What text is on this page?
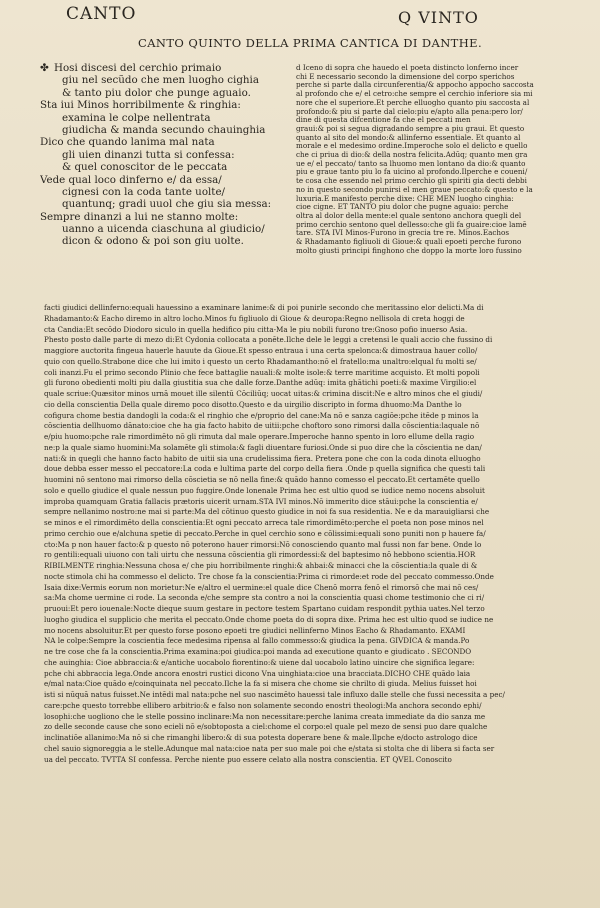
CANTO	Q VINTO
CANTO QUINTO DELLA PRIMA CANTICA DI DANTHE.
✤ Hosi discesi del cerchio primaio
giu nel secũdo che men luogho cighia
& tanto piu dolor che punge aguaio.
Sta iui Minos horribilmente & ringhia:
examina le colpe nellentrata
giudicha & manda secundo chauinghia
Dico che quando lanima mal nata
gli uien dinanzi tutta si confessa:
& quel conoscitor de le peccata
Vede qual loco dinferno e/ da essa/
cignesi con la coda tante uolte/
quantunq; gradi uuol che giu sia messa:
Sempre dinanzi a lui ne stanno molte:
uanno a uicenda ciaschuna al giudicio/
dicon & odono & poi son giu uolte.
d Iceno di sopra che hauedo el poeta distincto lonferno incer
chi E necessario secondo la dimensione del corpo sperichos
perche si parte dalla circunferentia/& appocho appocho saccosta
al profondo che e/ el cetro:che sempre el cerchio inferiore sia mi
nore che el superiore.Et perche elluogho quanto piu saccosta al
profondo:& piu si parte dal cielo:piu e/apto alla pena:pero lor/
dine di questa difcentione fa che el peccati men
graui:& poi si segua digradando sempre a piu graui. Et questo
quanto al sito del mondo:& allinferno essentiale. Et quanto al
morale e el medesimo ordine.Imperoche solo el delicto e quello
che ci priua di dio:& della nostra felicita.Adūq; quanto men gra
ue e/ el peccato/ tanto sa lhuomo men lontano da dio:& quanto
piu e graue tanto piu lo fa uicino al profondo.Ilperche e coueni/
te cosa che essendo nel primo cerchio gli spiriti gia decti debbi
no in questo secondo punirsi el men graue peccato:& questo e la
luxuria.E manifesto perche dixe: CHE MEN luogho cinghia:
cioe cigne. ET TANTO piu dolor che pugne aguaio: perche
oltra al dolor della mente:el quale sentono anchora quegli del
primo cerchio sentono quel dellesso:che gli fa guaire:cioe lamē
tare. STA IVI Minos-Furono in grecia tre re. Minos.Eachos
& Rhadamanto figliuoli di Gioue:& quali epoeti perche furono
molto giusti principi finghono che doppo la morte loro fussino
facti giudici dellinferno:equali hauessino a examinare lanime:& di poi punirle secondo che meritassino elor delicti.Ma di
Rhadamanto:& Eacho diremo in altro locho.Minos fu figliuolo di Gioue & deuropa:Regno nellisola di creta hoggi de
cta Candia:Et secōdo Diodoro siculo in quella hedifico piu citta-Ma le piu nobili furono tre:Gnoso pofio inuerso Asia.
Phesto posto dalle parte di mezo di:Et Cydonia collocata a ponēte.Ilche dele le leggi a cretensi le quali accio che fussino di
maggiore auctorita fingeua hauerle hauute da Gioue.Et spesso entraua i una certa spelonca:& dimostraua hauer collo/
quio con quello.Strabone dice che lui imito i questo un certo Rhadamantho:nō el fratello:ma unaltro:elqual fu molti se/
coli inanzi.Fu el primo secondo Plinio che fece battaglie nauali:& molte isole:& terre maritime acquisto. Et molti popoli
gli furono obedienti molti piu dalla giustitia sua che dalle forze.Danthe adūq: imita ghātichi poeti:& maxime Virgilio:el
quale scriue:Quæsitor minos urnā mouet ille silentū Cōciliūq; uocat uitas:& crimina discit:Ne e altro minos che el giudi/
cio della conscientia Della quale diremo poco disotto.Questo e da uirgilio discripto in forma dhuomo:Ma Danthe lo
cofigura chome bestia dandogli la coda:& el ringhio che e/proprio del cane:Ma nō e sanza cagiōe:pche itēde p minos la
cōscientia dellhuomo dānato:cioe che ha gia facto habito de uitii:pche choftoro sono rimorsi dalla cōscientia:laquale nō
e/piu huomo:pche rale rimordimēto nō gli rimuta dal male operare.Imperoche hanno spento in loro ellume della ragio
ne:p la quale siamo huomini:Ma solamēte gli stimola:& fagli diuentare furiosi.Onde si puo dire che la cōscientia ne dan/
nati:& in quegli che hanno facto habito de uitii sia una crudelissima fiera. Pretera pone che con la coda dinota elluogho
doue debba esser messo el peccatore:La coda e lultima parte del corpo della fiera .Onde p quella significa che questi tali
huomini nō sentono mai rimorso della cōscietia se nō nella fine:& quādo hanno comesso el peccato.Et certamēte quello
solo e quello giudice el quale nessun puo fuggire.Onde lonenale Prima hec est ultio quod se iudice nemo nocens absoluit
improba quamquam Gratia fallacis prætoris uicerit urnam.STA IVI minos.Nō immerito dice stāui:pche la conscientia e/
sempre nellanimo nostro:ne mai si parte:Ma del cōtinuo questo giudice in noi fa sua residentia. Ne e da marauigliarsi che
se minos e el rimordimēto della conscientia:Et ogni peccato arreca tale rimordimēto:perche el poeta non pose minos nel
primo cerchio oue e/alchuna spetie di peccato.Perche in quel cerchio sono e cōlissimi:equali sono puniti non p hauere fa/
cto:Ma p non hauer facto:& p questo nō poterono hauer rimorsi:Nō conosciendo quanto mal fussi non far bene. Onde lo
ro gentili:equali uiuono con tali uirtu che nessuna cōscientia gli rimordessi:& del baptesimo nō hebbono scientia.HOR
RIBILMENTE ringhia:Nessuna chosa e/ che piu horribilmente ringhi:& ahbai:& minacci che la cōscientia:la quale di &
nocte stimola chi ha commesso el delicto. Tre chose fa la conscientia:Prima ci rimorde:et rode del peccato commesso.Onde
Isaia dixe:Vermis eorum non morietur:Ne e/altro el uermine:el quale dice Chenō morra fenō el rimorsō che mai nō ces/
sa:Ma chome uermine ci rode. La seconda e/che sempre sta contro a noi la conscientia quasi chome testimonio che ci ri/
pruoui:Et pero iouenale:Nocte dieque suum gestare in pectore testem Spartano cuidam respondit pythia uates.Nel terzo
luogho giudica el supplicio che merita el peccato.Onde chome poeta do di sopra dixe. Prima hec est ultio quod se iudice ne
mo nocens absoluitur.Et per questo forse posono epoeti tre giudici nellinferno Minos Eacho & Rhadamanto. EXAMI
NA le colpe:Sempre la coscientia fece medesima ripensa al fallo commesso:& giudica la pena. GIVDICA & manda.Po
ne tre cose che fa la conscientia.Prima examina:poi giudica:poi manda ad executione quanto e giudicato . SECONDO
che auinghia: Cioe abbraccia:& e/antiche uocabolo fiorentino:& uiene dal uocabolo latino uincire che significa legare:
pche chi abbraccia lega.Onde ancora enostri rustici dicono Vna uinghiata:cioe una bracciata.DICHO CHE quādo laia
e/mal nata:Cioe quādo e/coinquinata nel peccato.Ilche la fa si misera che chome sie chrilto di giuda. Melius fuisset hoi
isti si nūquā natus fuisset.Ne intēdi mal nata:pche nel suo nascimēto hauessi tale influxo dalle stelle che fussi necessita a pec/
care:pche questo torrebbe ellibero arbitrio:& e falso non solamente secondo enostri theologi:Ma anchora secondo ephi/
losophi:che uogliono che le stelle possino inclinare:Ma non necessitare:perche lanima creata immediate da dio sanza me
zo delle seconde cause che sono ecieli nō e/sobtoposta a ciel:chome el corpo:el quale pel mezo de sensi puo dare qualche
inclinatiōe allanimo:Ma nō si che rimanghi libero:& di sua potesta doperare bene & male.Ilpche e/docto astrologo dice
chel sauio signoreggia a le stelle.Adunque mal nata:cioe nata per suo male poi che e/stata si stolta che di libera si facta ser
ua del peccato. TVTTA SI confessa. Perche niente puo essere celato alla nostra conscientia. ET QVEL Conoscito
